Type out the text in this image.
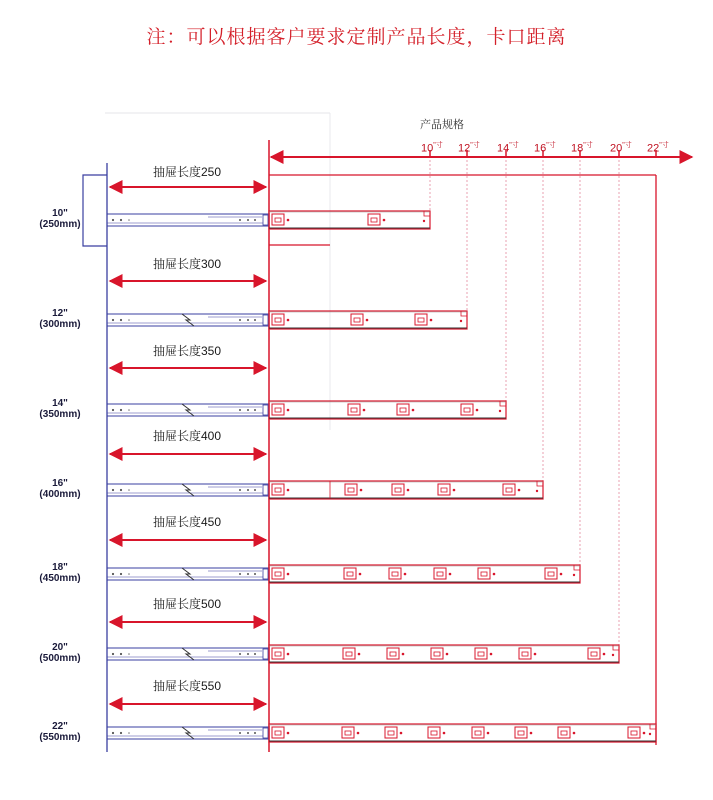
注：可以根据客户要求定制产品长度，卡口距离
产品规格
$10^{"寸}$ $12^{"寸}$ $14^{"寸}$ $16^{"寸}$ $18^{"寸}$ $20^{"寸}$ $22^{"寸}$
10"
(250mm)
抽屉长度250
12"
(300mm)
抽屉长度300
14"
(350mm)
抽屉长度350
16"
(400mm)
抽屉长度400
18"
(450mm)
抽屉长度450
20"
(500mm)
抽屉长度500
22"
(550mm)
抽屉长度550
